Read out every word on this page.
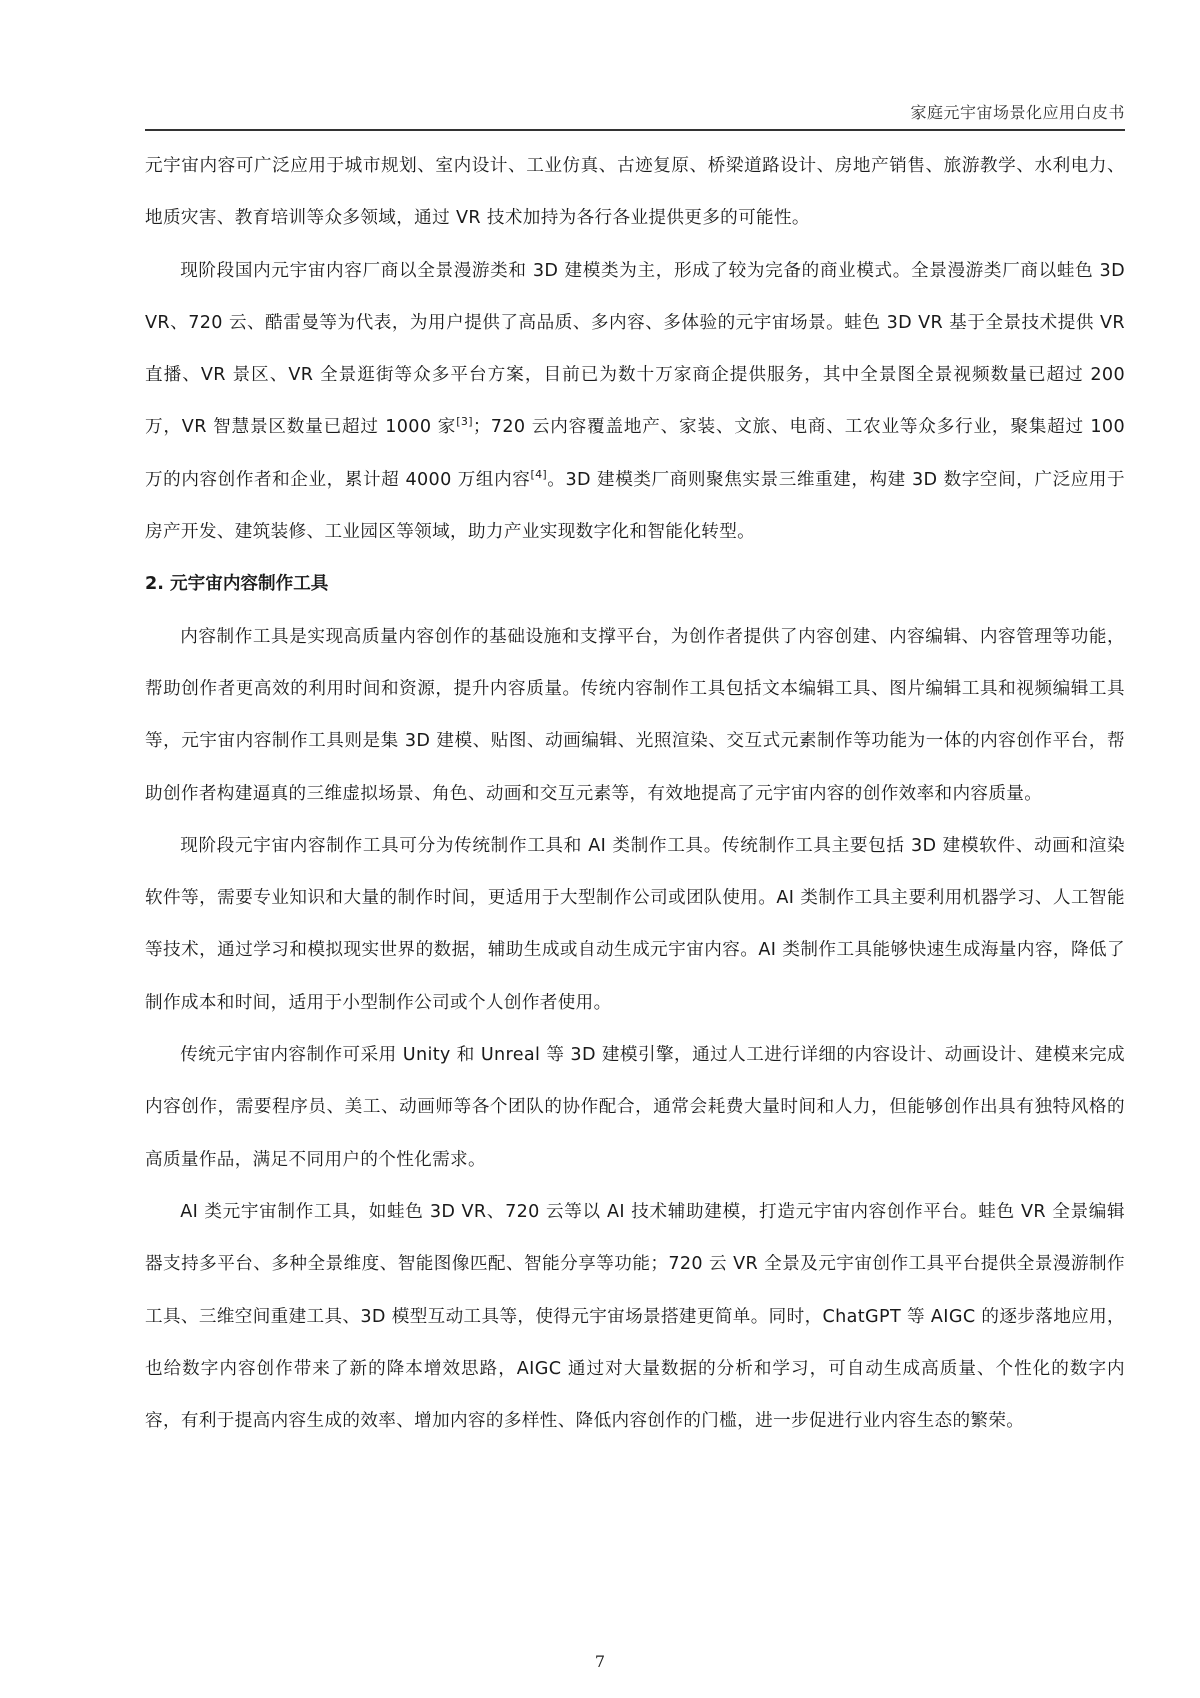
家庭元宇宙场景化应用白皮书

元宇宙内容可广泛应用于城市规划、室内设计、工业仿真、古迹复原、桥梁道路设计、房地产销售、旅游教学、水利电力、地质灾害、教育培训等众多领域，通过 VR 技术加持为各行各业提供更多的可能性。

现阶段国内元宇宙内容厂商以全景漫游类和 3D 建模类为主，形成了较为完备的商业模式。全景漫游类厂商以蛙色 3D VR、720 云、酷雷曼等为代表，为用户提供了高品质、多内容、多体验的元宇宙场景。蛙色 3D VR 基于全景技术提供 VR 直播、VR 景区、VR 全景逛街等众多平台方案，目前已为数十万家商企提供服务，其中全景图全景视频数量已超过 200 万，VR 智慧景区数量已超过 1000 家[3]；720 云内容覆盖地产、家装、文旅、电商、工农业等众多行业，聚集超过 100 万的内容创作者和企业，累计超 4000 万组内容[4]。3D 建模类厂商则聚焦实景三维重建，构建 3D 数字空间，广泛应用于房产开发、建筑装修、工业园区等领域，助力产业实现数字化和智能化转型。

2. 元宇宙内容制作工具

内容制作工具是实现高质量内容创作的基础设施和支撑平台，为创作者提供了内容创建、内容编辑、内容管理等功能，帮助创作者更高效的利用时间和资源，提升内容质量。传统内容制作工具包括文本编辑工具、图片编辑工具和视频编辑工具等，元宇宙内容制作工具则是集 3D 建模、贴图、动画编辑、光照渲染、交互式元素制作等功能为一体的内容创作平台，帮助创作者构建逼真的三维虚拟场景、角色、动画和交互元素等，有效地提高了元宇宙内容的创作效率和内容质量。

现阶段元宇宙内容制作工具可分为传统制作工具和 AI 类制作工具。传统制作工具主要包括 3D 建模软件、动画和渲染软件等，需要专业知识和大量的制作时间，更适用于大型制作公司或团队使用。AI 类制作工具主要利用机器学习、人工智能等技术，通过学习和模拟现实世界的数据，辅助生成或自动生成元宇宙内容。AI 类制作工具能够快速生成海量内容，降低了制作成本和时间，适用于小型制作公司或个人创作者使用。

传统元宇宙内容制作可采用 Unity 和 Unreal 等 3D 建模引擎，通过人工进行详细的内容设计、动画设计、建模来完成内容创作，需要程序员、美工、动画师等各个团队的协作配合，通常会耗费大量时间和人力，但能够创作出具有独特风格的高质量作品，满足不同用户的个性化需求。

AI 类元宇宙制作工具，如蛙色 3D VR、720 云等以 AI 技术辅助建模，打造元宇宙内容创作平台。蛙色 VR 全景编辑器支持多平台、多种全景维度、智能图像匹配、智能分享等功能；720 云 VR 全景及元宇宙创作工具平台提供全景漫游制作工具、三维空间重建工具、3D 模型互动工具等，使得元宇宙场景搭建更简单。同时，ChatGPT 等 AIGC 的逐步落地应用，也给数字内容创作带来了新的降本增效思路，AIGC 通过对大量数据的分析和学习，可自动生成高质量、个性化的数字内容，有利于提高内容生成的效率、增加内容的多样性、降低内容创作的门槛，进一步促进行业内容生态的繁荣。

7
